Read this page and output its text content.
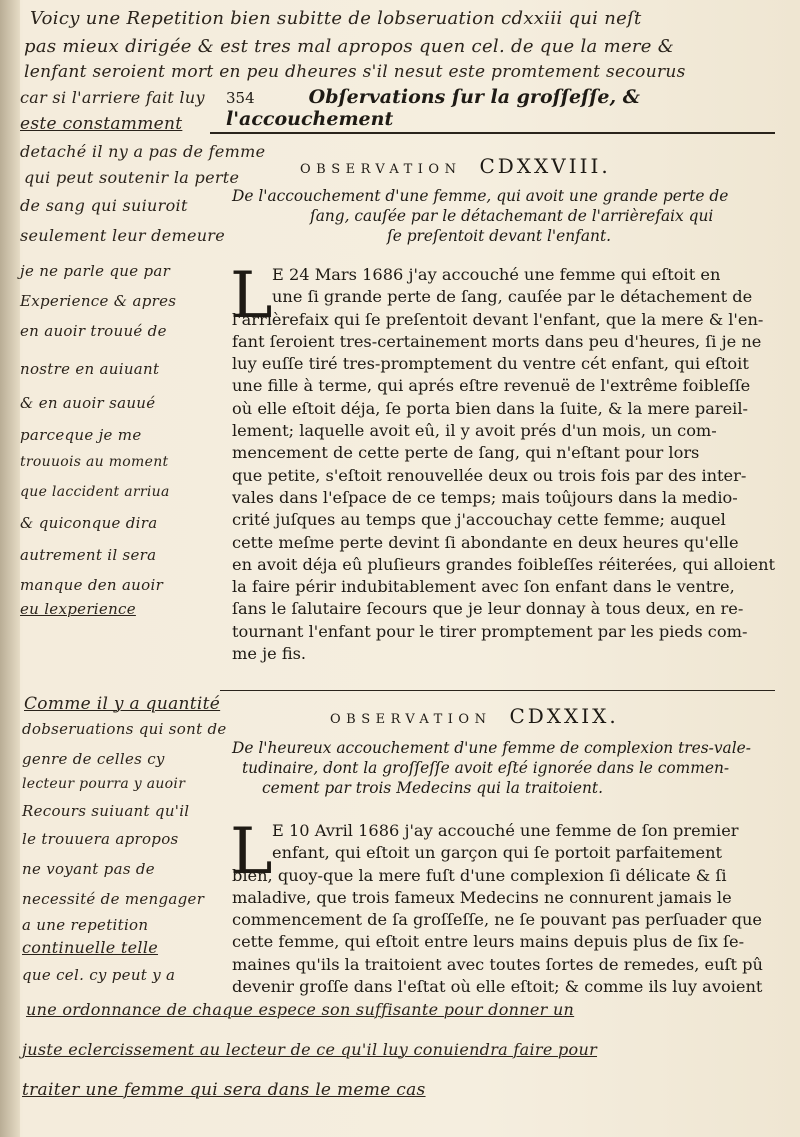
Voicy une Repetition bien subitte de lobseruation cdxxiii qui neſt
pas mieux dirigée & est tres mal apropos quen cel. de que la mere &
lenfant seroient mort en peu dheures s'il nesut este promtement secourus
car si l'arriere fait luy
este constamment
354	Obſervations ſur la groſſeſſe, & l'accouchement
detaché il ny a pas de femme
qui peut soutenir la perte
de sang qui suiuroit
seulement leur demeure
OBSERVATION CDXXVIII.
De l'accouchement d'une femme, qui avoit une grande perte de
ſang, cauſée par le détachemant de l'arrièrefaix qui
ſe preſentoit devant l'enfant.
je ne parle que par
Experience & apres
en auoir trouué de
nostre en auiuant
& en auoir sauué
parceque je me
trouuois au moment
que laccident arriua
& quiconque dira
autrement il sera
manque den auoir
eu lexperience
L E 24 Mars 1686 j'ay accouché une femme qui eſtoit en
une ſi grande perte de ſang, cauſée par le détachement de
l'arrièrefaix qui ſe preſentoit devant l'enfant, que la mere & l'en-
fant ſeroient tres-certainement morts dans peu d'heures, ſi je ne
luy euſſe tiré tres-promptement du ventre cét enfant, qui eſtoit
une fille à terme, qui aprés eſtre revenuë de l'extrême foibleſſe
où elle eſtoit déja, ſe porta bien dans la ſuite, & la mere pareil-
lement; laquelle avoit eû, il y avoit prés d'un mois, un com-
mencement de cette perte de ſang, qui n'eſtant pour lors
que petite, s'eſtoit renouvellée deux ou trois fois par des inter-
vales dans l'eſpace de ce temps; mais toûjours dans la medio-
crité juſques au temps que j'accouchay cette femme; auquel
cette meſme perte devint ſi abondante en deux heures qu'elle
en avoit déja eû pluſieurs grandes foibleſſes réiterées, qui alloient
la faire périr indubitablement avec ſon enfant dans le ventre,
ſans le ſalutaire ſecours que je leur donnay à tous deux, en re-
tournant l'enfant pour le tirer promptement par les pieds com-
me je fis.
Comme il y a quantité
dobseruations qui sont de
genre de celles cy
lecteur pourra y auoir
Recours suiuant qu'il
le trouuera apropos
ne voyant pas de
necessité de mengager
a une repetition
continuelle telle
que cel. cy peut y a
OBSERVATION CDXXIX.
De l'heureux accouchement d'une femme de complexion tres-vale-
tudinaire, dont la groſſeſſe avoit eſté ignorée dans le commen-
cement par trois Medecins qui la traitoient.
L E 10 Avril 1686 j'ay accouché une femme de ſon premier
enfant, qui eſtoit un garçon qui ſe portoit parfaitement
bien, quoy-que la mere fuſt d'une complexion ſi délicate & ſi
maladive, que trois fameux Medecins ne connurent jamais le
commencement de ſa groſſeſſe, ne ſe pouvant pas perſuader que
cette femme, qui eſtoit entre leurs mains depuis plus de ſix ſe-
maines qu'ils la traitoient avec toutes ſortes de remedes, euſt pû
devenir groſſe dans l'eſtat où elle eſtoit; & comme ils luy avoient
une ordonnance de chaque espece son suffisante pour donner un
juste eclercissement au lecteur de ce qu'il luy conuiendra faire pour
traiter une femme qui sera dans le meme cas
